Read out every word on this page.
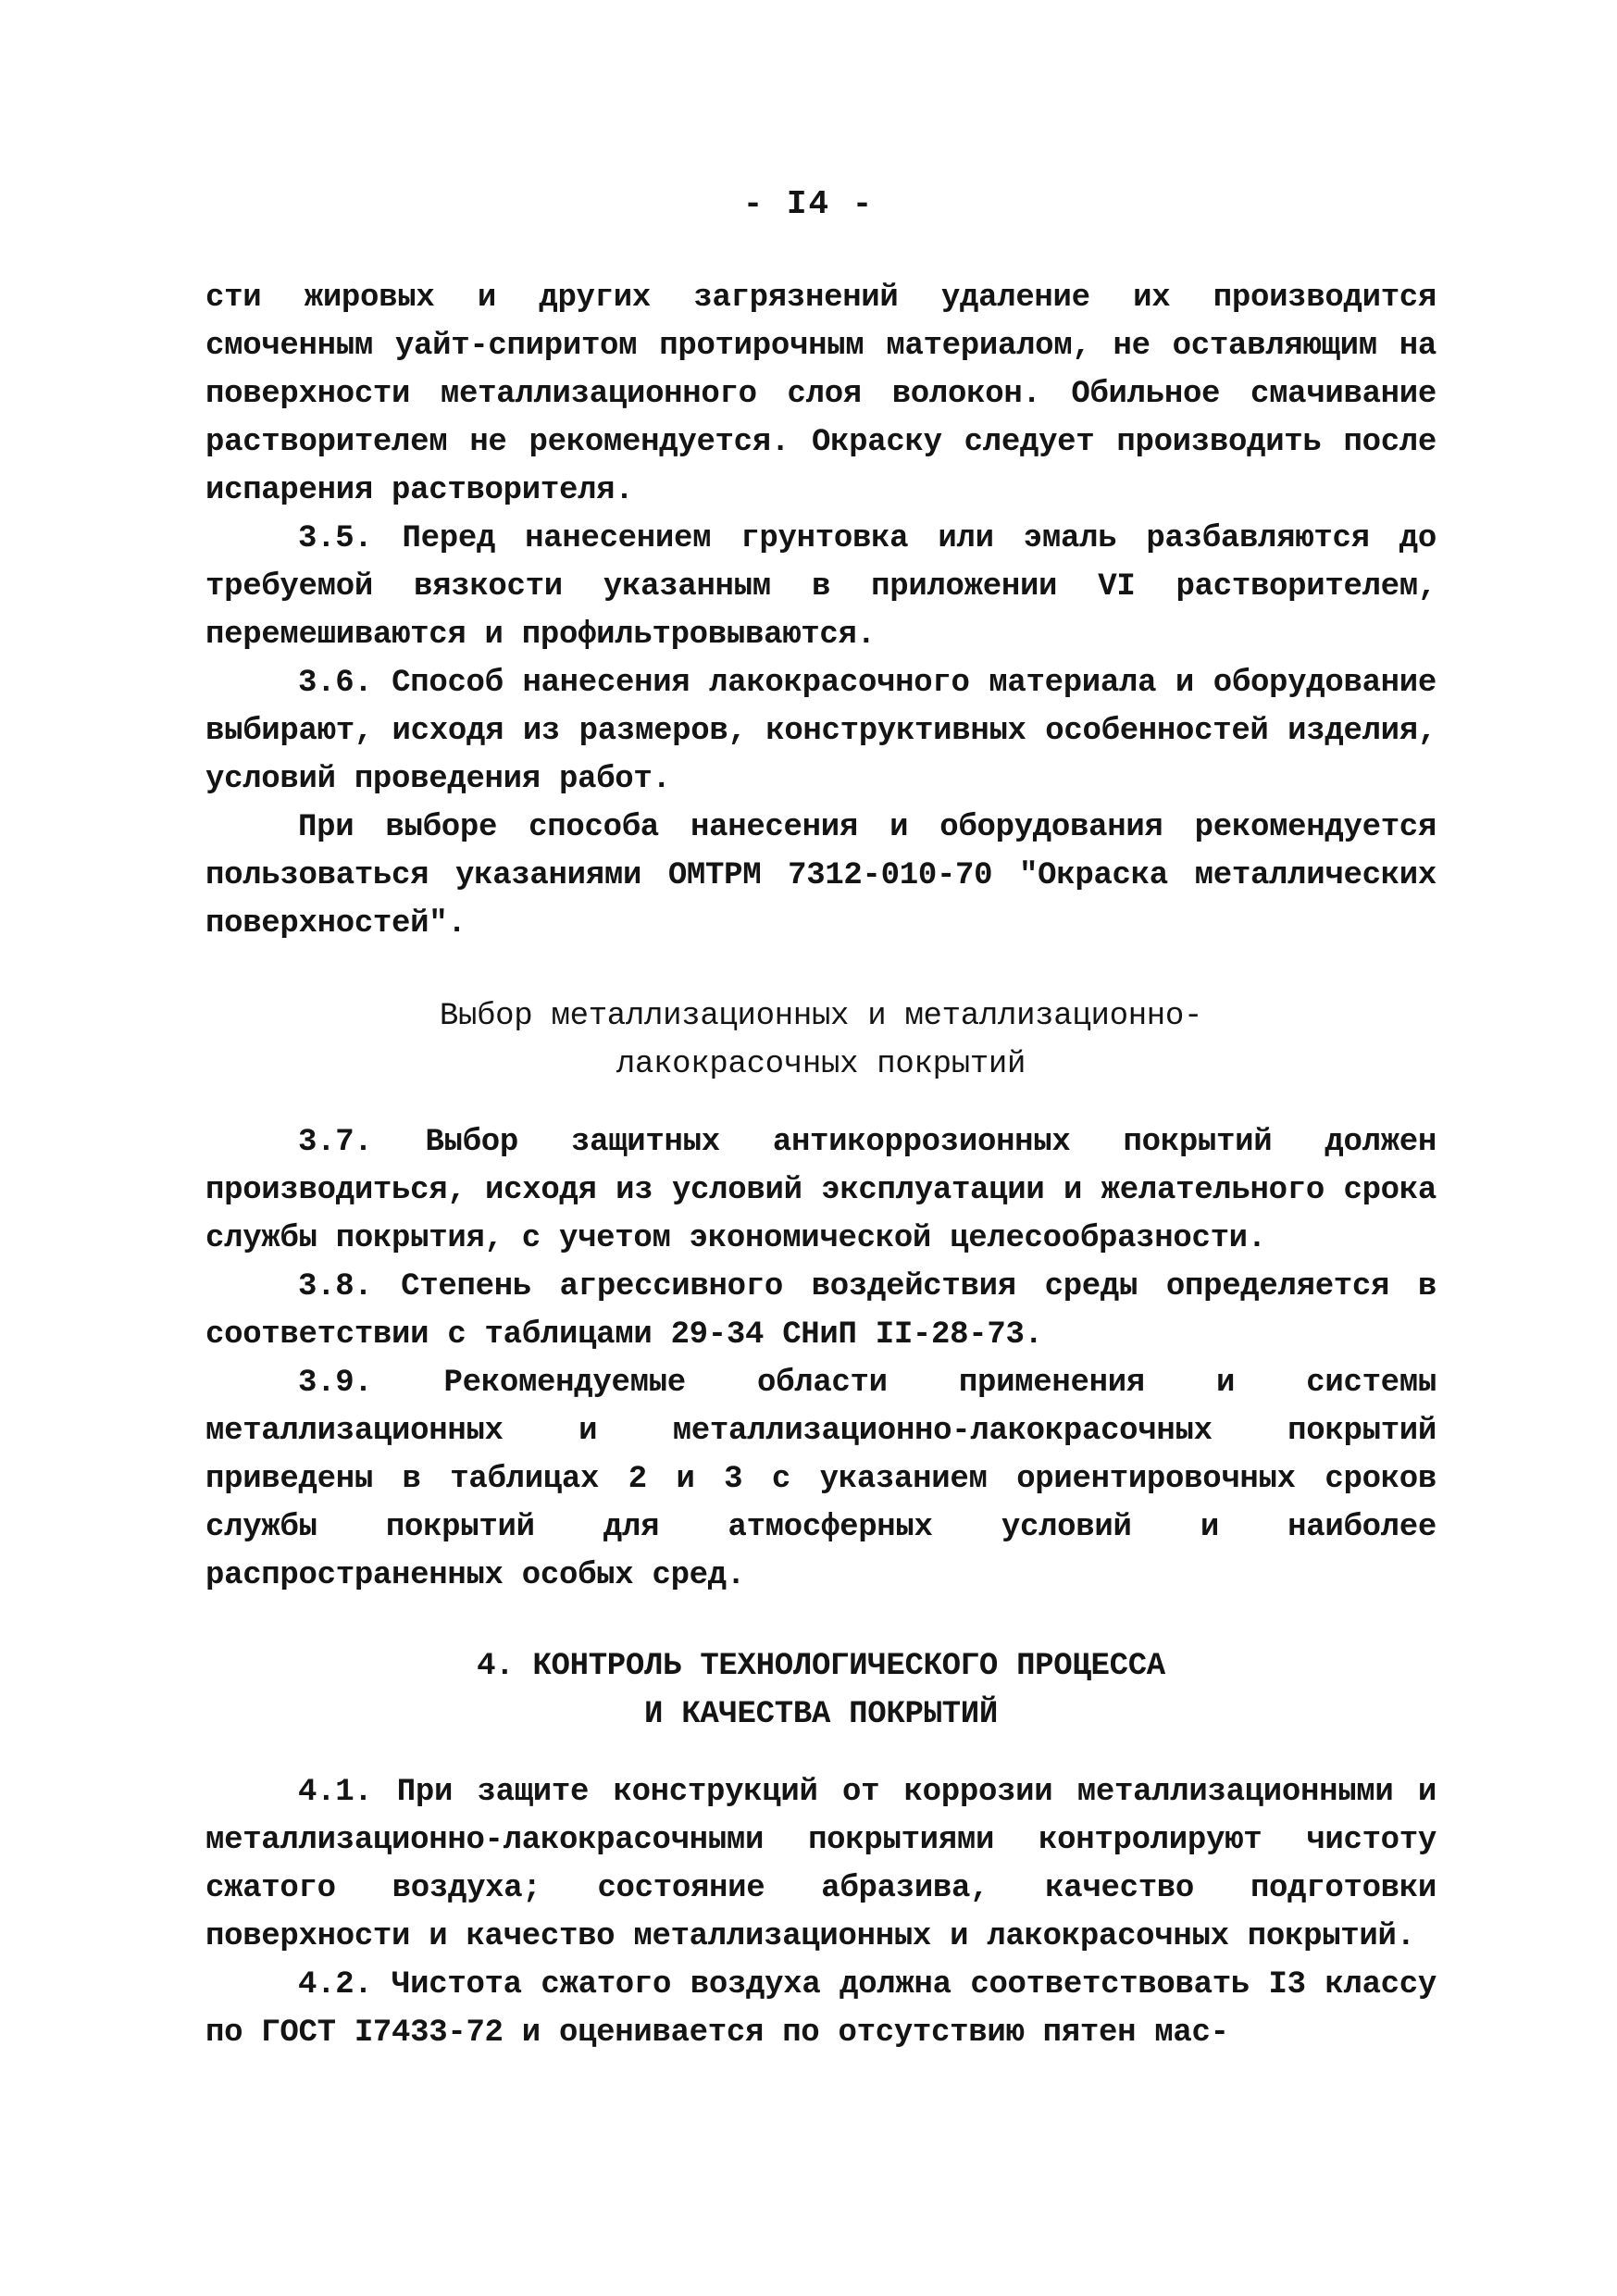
- I4 -

сти жировых и других загрязнений удаление их производится смоченным уайт-спиритом протирочным материалом, не оставляющим на поверхности металлизационного слоя волокон. Обильное смачивание растворителем не рекомендуется. Окраску следует производить после испарения растворителя.

3.5. Перед нанесением грунтовка или эмаль разбавляются до требуемой вязкости указанным в приложении VI растворителем, перемешиваются и профильтровываются.

3.6. Способ нанесения лакокрасочного материала и оборудование выбирают, исходя из размеров, конструктивных особенностей изделия, условий проведения работ.

При выборе способа нанесения и оборудования рекомендуется пользоваться указаниями ОМТРМ 7312-010-70 "Окраска металлических поверхностей".

Выбор металлизационных и металлизационно-
лакокрасочных покрытий

3.7. Выбор защитных антикоррозионных покрытий должен производиться, исходя из условий эксплуатации и желательного срока службы покрытия, с учетом экономической целесообразности.

3.8. Степень агрессивного воздействия среды определяется в соответствии с таблицами 29-34 СНиП II-28-73.

3.9. Рекомендуемые области применения и системы металлизационных и металлизационно-лакокрасочных покрытий приведены в таблицах 2 и 3 с указанием ориентировочных сроков службы покрытий для атмосферных условий и наиболее распространенных особых сред.

4. КОНТРОЛЬ ТЕХНОЛОГИЧЕСКОГО ПРОЦЕССА
И КАЧЕСТВА ПОКРЫТИЙ

4.1. При защите конструкций от коррозии металлизационными и металлизационно-лакокрасочными покрытиями контролируют чистоту сжатого воздуха; состояние абразива, качество подготовки поверхности и качество металлизационных и лакокрасочных покрытий.

4.2. Чистота сжатого воздуха должна соответствовать I3 классу по ГОСТ I7433-72 и оценивается по отсутствию пятен мас-
